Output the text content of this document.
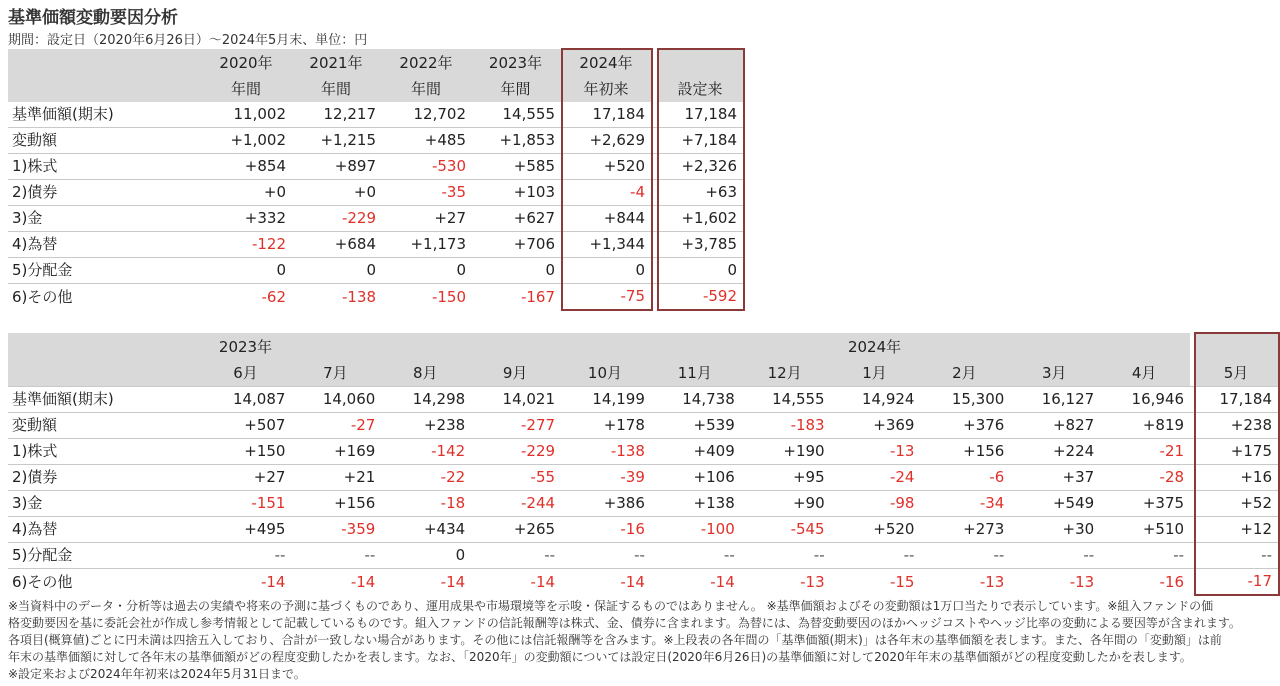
基準価額変動要因分析
期間：設定日（2020年6月26日）～2024年5月末、単位：円
	2020年	2021年	2022年	2023年	2024年		
	年間	年間	年間	年間	年初来		設定来
基準価額(期末)	11,002	12,217	12,702	14,555	17,184		17,184
変動額	+1,002	+1,215	+485	+1,853	+2,629		+7,184
1)株式	+854	+897	-530	+585	+520		+2,326
2)債券	+0	+0	-35	+103	-4		+63
3)金	+332	-229	+27	+627	+844		+1,602
4)為替	-122	+684	+1,173	+706	+1,344		+3,785
5)分配金	0	0	0	0	0		0
6)その他	-62	-138	-150	-167	-75		-592
	2023年							2024年					
	6月	7月	8月	9月	10月	11月	12月	1月	2月	3月	4月		5月
基準価額(期末)	14,087	14,060	14,298	14,021	14,199	14,738	14,555	14,924	15,300	16,127	16,946		17,184
変動額	+507	-27	+238	-277	+178	+539	-183	+369	+376	+827	+819		+238
1)株式	+150	+169	-142	-229	-138	+409	+190	-13	+156	+224	-21		+175
2)債券	+27	+21	-22	-55	-39	+106	+95	-24	-6	+37	-28		+16
3)金	-151	+156	-18	-244	+386	+138	+90	-98	-34	+549	+375		+52
4)為替	+495	-359	+434	+265	-16	-100	-545	+520	+273	+30	+510		+12
5)分配金	--	--	0	--	--	--	--	--	--	--	--		--
6)その他	-14	-14	-14	-14	-14	-14	-13	-15	-13	-13	-16		-17
※当資料中のデータ・分析等は過去の実績や将来の予測に基づくものであり、運用成果や市場環境等を示唆・保証するものではありません。 ※基準価額およびその変動額は1万口当たりで表示しています。※組入ファンドの価
格変動要因を基に委託会社が作成し参考情報として記載しているものです。組入ファンドの信託報酬等は株式、金、債券に含まれます。為替には、為替変動要因のほかヘッジコストやヘッジ比率の変動による要因等が含まれます。
各項目(概算値)ごとに円未満は四捨五入しており、合計が一致しない場合があります。その他には信託報酬等を含みます。※上段表の各年間の「基準価額(期末)」は各年末の基準価額を表します。また、各年間の「変動額」は前
年末の基準価額に対して各年末の基準価額がどの程度変動したかを表します。なお、「2020年」の変動額については設定日(2020年6月26日)の基準価額に対して2020年年末の基準価額がどの程度変動したかを表します。
※設定来および2024年年初来は2024年5月31日まで。
